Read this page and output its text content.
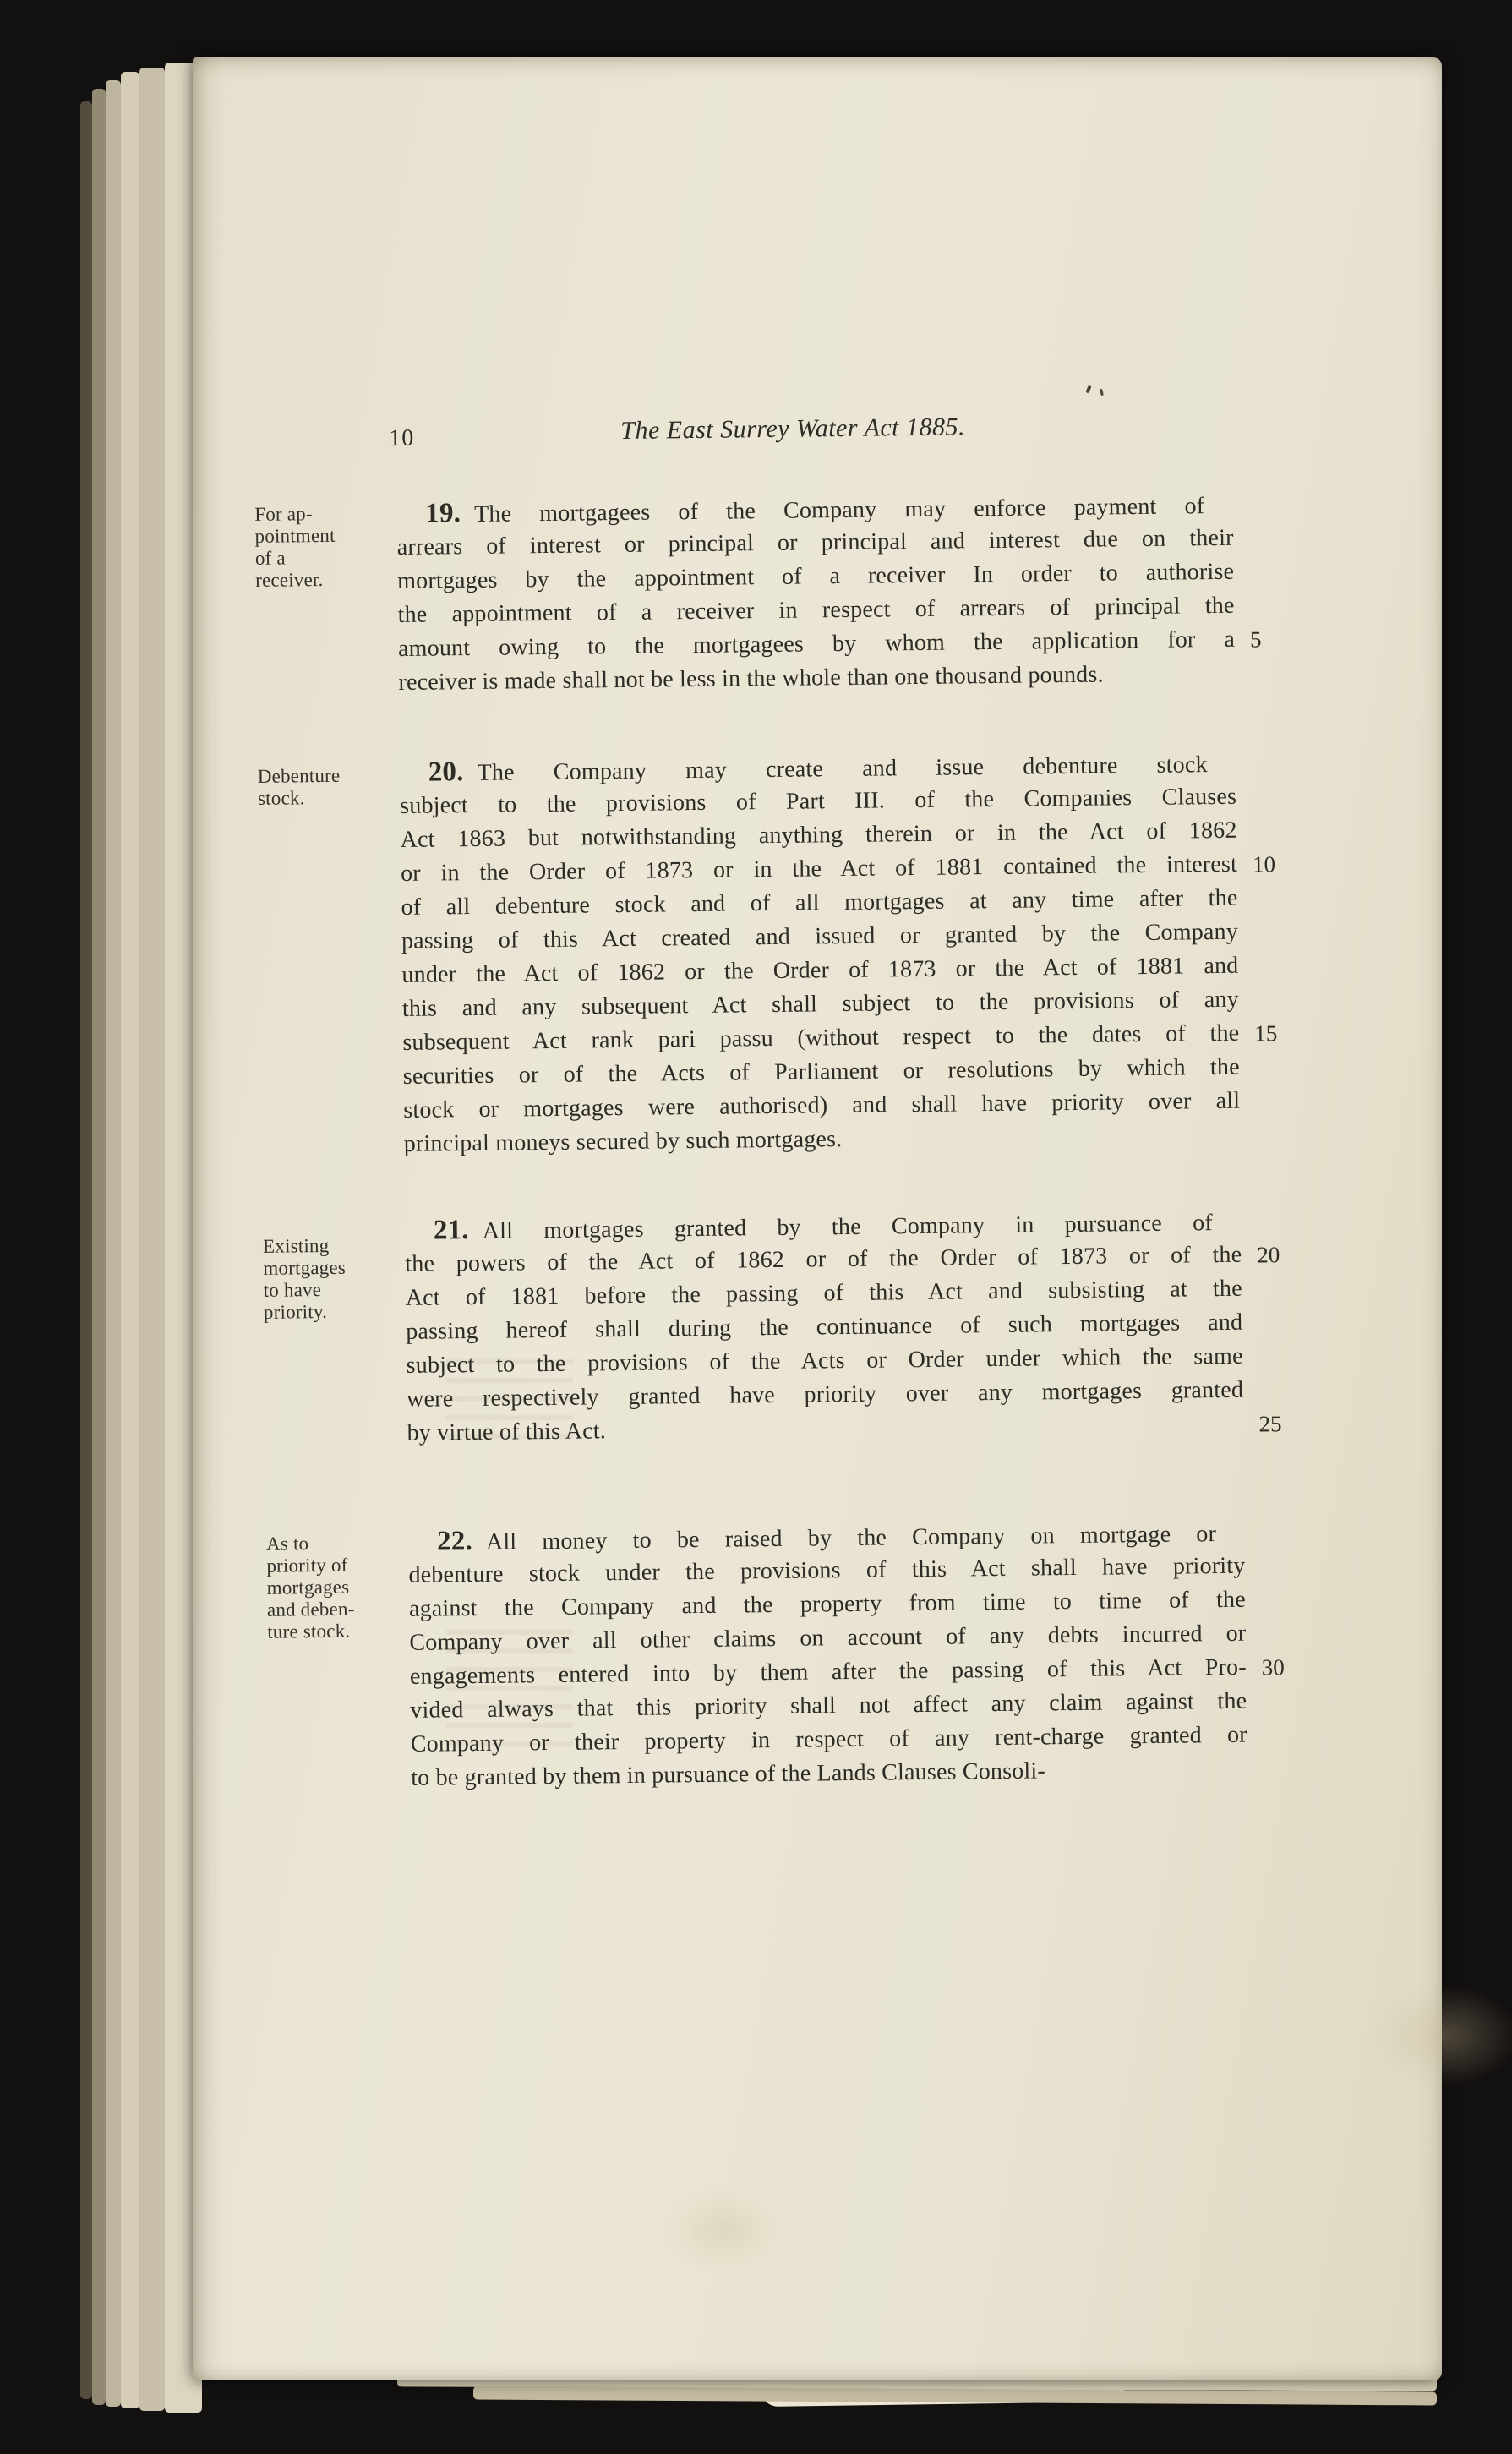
10	The East Surrey Water Act 1885.
For ap-
pointment
of a
receiver.
19. The mortgagees of the Company may enforce payment of
arrears of interest or principal or principal and interest due on their
mortgages by the appointment of a receiver In order to authorise
the appointment of a receiver in respect of arrears of principal the
amount owing to the mortgagees by whom the application for a 5
receiver is made shall not be less in the whole than one thousand pounds.
Debenture
stock.
20. The Company may create and issue debenture stock
subject to the provisions of Part III. of the Companies Clauses
Act 1863 but notwithstanding anything therein or in the Act of 1862
or in the Order of 1873 or in the Act of 1881 contained the interest 10
of all debenture stock and of all mortgages at any time after the
passing of this Act created and issued or granted by the Company
under the Act of 1862 or the Order of 1873 or the Act of 1881 and
this and any subsequent Act shall subject to the provisions of any
subsequent Act rank pari passu (without respect to the dates of the 15
securities or of the Acts of Parliament or resolutions by which the
stock or mortgages were authorised) and shall have priority over all
principal moneys secured by such mortgages.
Existing
mortgages
to have
priority.
21. All mortgages granted by the Company in pursuance of
the powers of the Act of 1862 or of the Order of 1873 or of the 20
Act of 1881 before the passing of this Act and subsisting at the
passing hereof shall during the continuance of such mortgages and
subject to the provisions of the Acts or Order under which the same
were respectively granted have priority over any mortgages granted
by virtue of this Act.	25
As to
priority of
mortgages
and deben-
ture stock.
22. All money to be raised by the Company on mortgage or
debenture stock under the provisions of this Act shall have priority
against the Company and the property from time to time of the
Company over all other claims on account of any debts incurred or
engagements entered into by them after the passing of this Act Pro- 30
vided always that this priority shall not affect any claim against the
Company or their property in respect of any rent-charge granted or
to be granted by them in pursuance of the Lands Clauses Consoli-
